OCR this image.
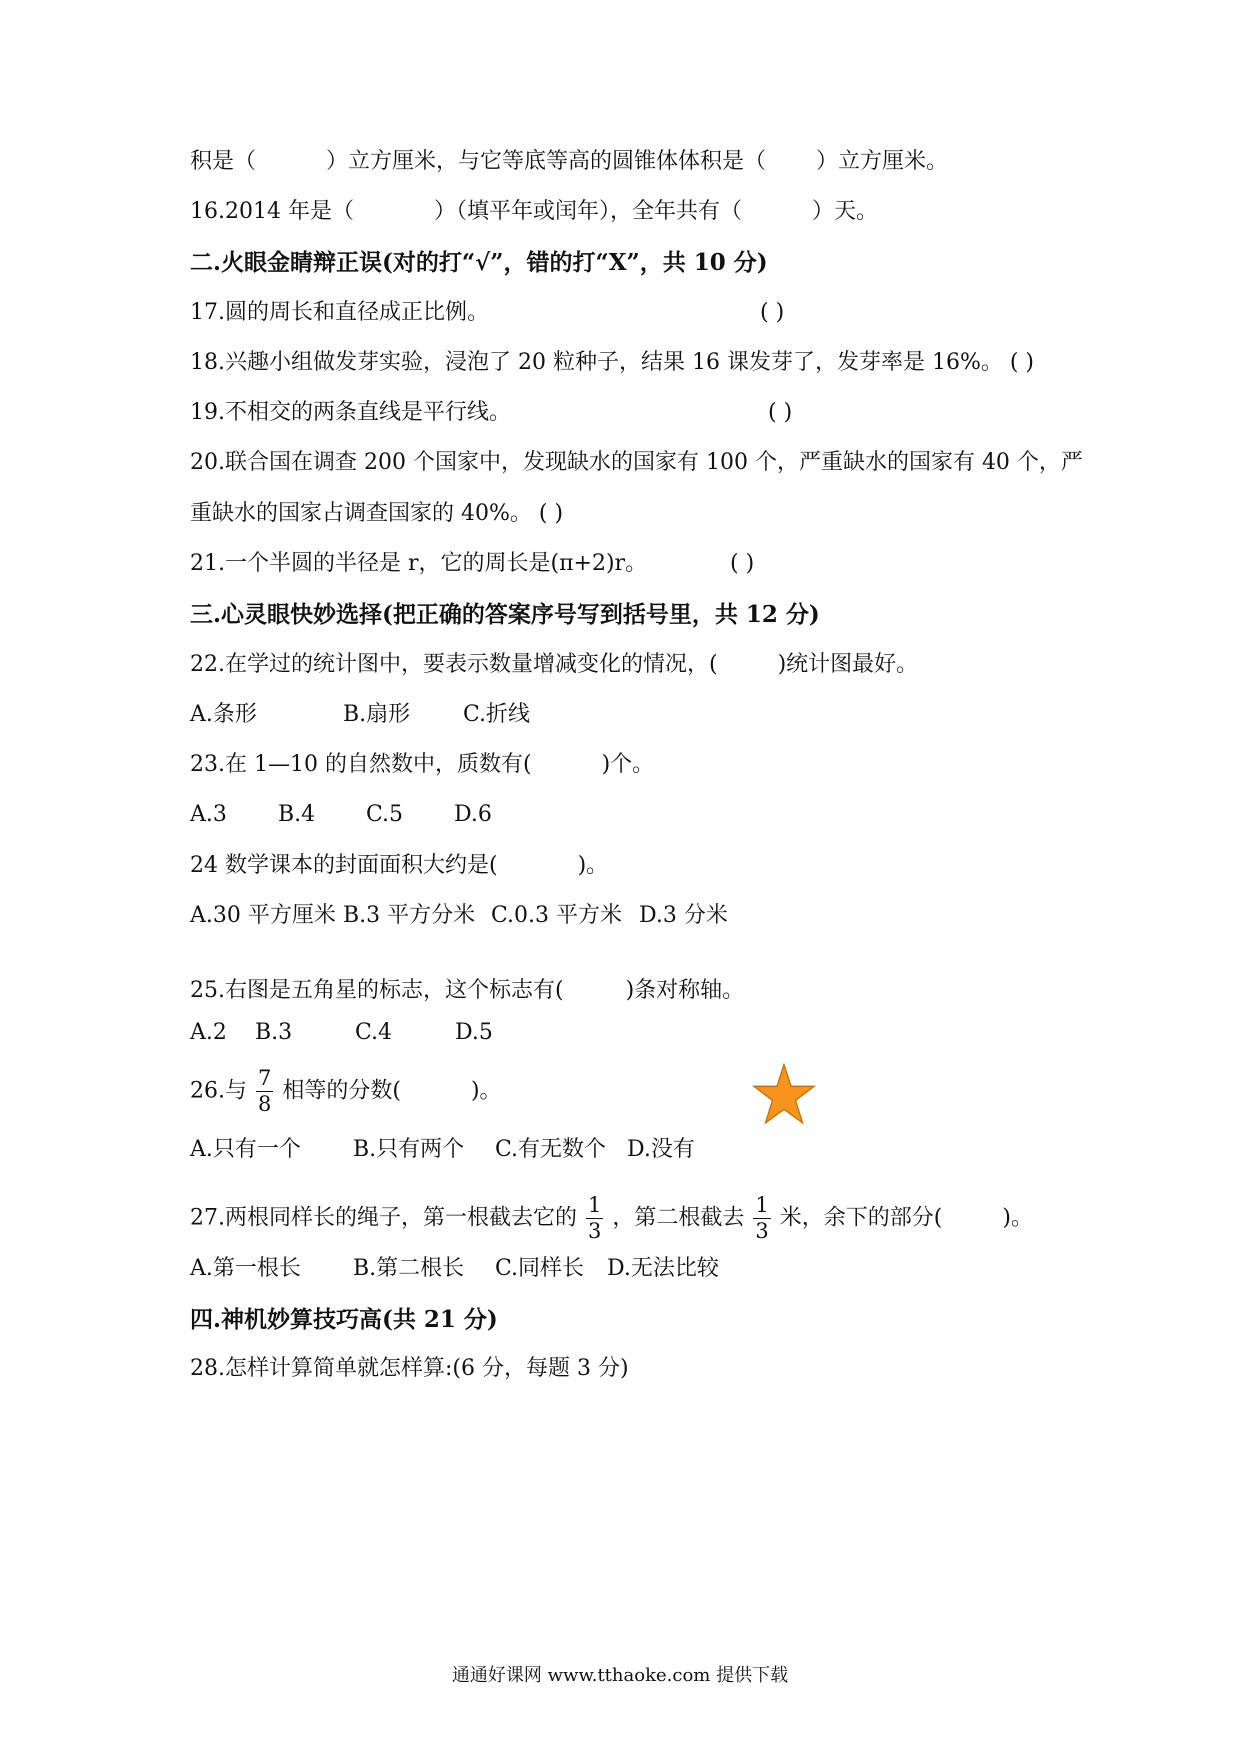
积是（	）立方厘米，与它等底等高的圆锥体体积是（ ）立方厘米。
16.2014 年是（	）（填平年或闰年），全年共有（	）天。
二.火眼金睛辩正误(对的打“√”，错的打“X”，共 10 分)
17.圆的周长和直径成正比例。	( )
18.兴趣小组做发芽实验，浸泡了 20 粒种子，结果 16 课发芽了，发芽率是 16%。 ( )
19.不相交的两条直线是平行线。	( )
20.联合国在调查 200 个国家中，发现缺水的国家有 100 个，严重缺水的国家有 40 个，严
重缺水的国家占调查国家的 40%。 ( )
21.一个半圆的半径是 r，它的周长是(π+2)r。	( )
三.心灵眼快妙选择(把正确的答案序号写到括号里，共 12 分)
22.在学过的统计图中，要表示数量增减变化的情况，(	)统计图最好。
A.条形	B.扇形 C.折线
23.在 1—10 的自然数中，质数有(	)个。
A.3 B.4 C.5 D.6
24 数学课本的封面面积大约是(	)。
A.30 平方厘米 B.3 平方分米 C.0.3 平方米 D.3 分米
25.右图是五角星的标志，这个标志有(	)条对称轴。
A.2 B.3	C.4	D.5
26.与 $\frac{7}{8}$ 相等的分数(	)。
A.只有一个 B.只有两个 C.有无数个 D.没有
27.两根同样长的绳子，第一根截去它的 $\frac{1}{3}$ ，第二根截去 $\frac{1}{3}$ 米，余下的部分(	)。
A.第一根长 B.第二根长 C.同样长 D.无法比较
四.神机妙算技巧高(共 21 分)
28.怎样计算简单就怎样算:(6 分，每题 3 分)
通通好课网 www.tthaoke.com 提供下载
